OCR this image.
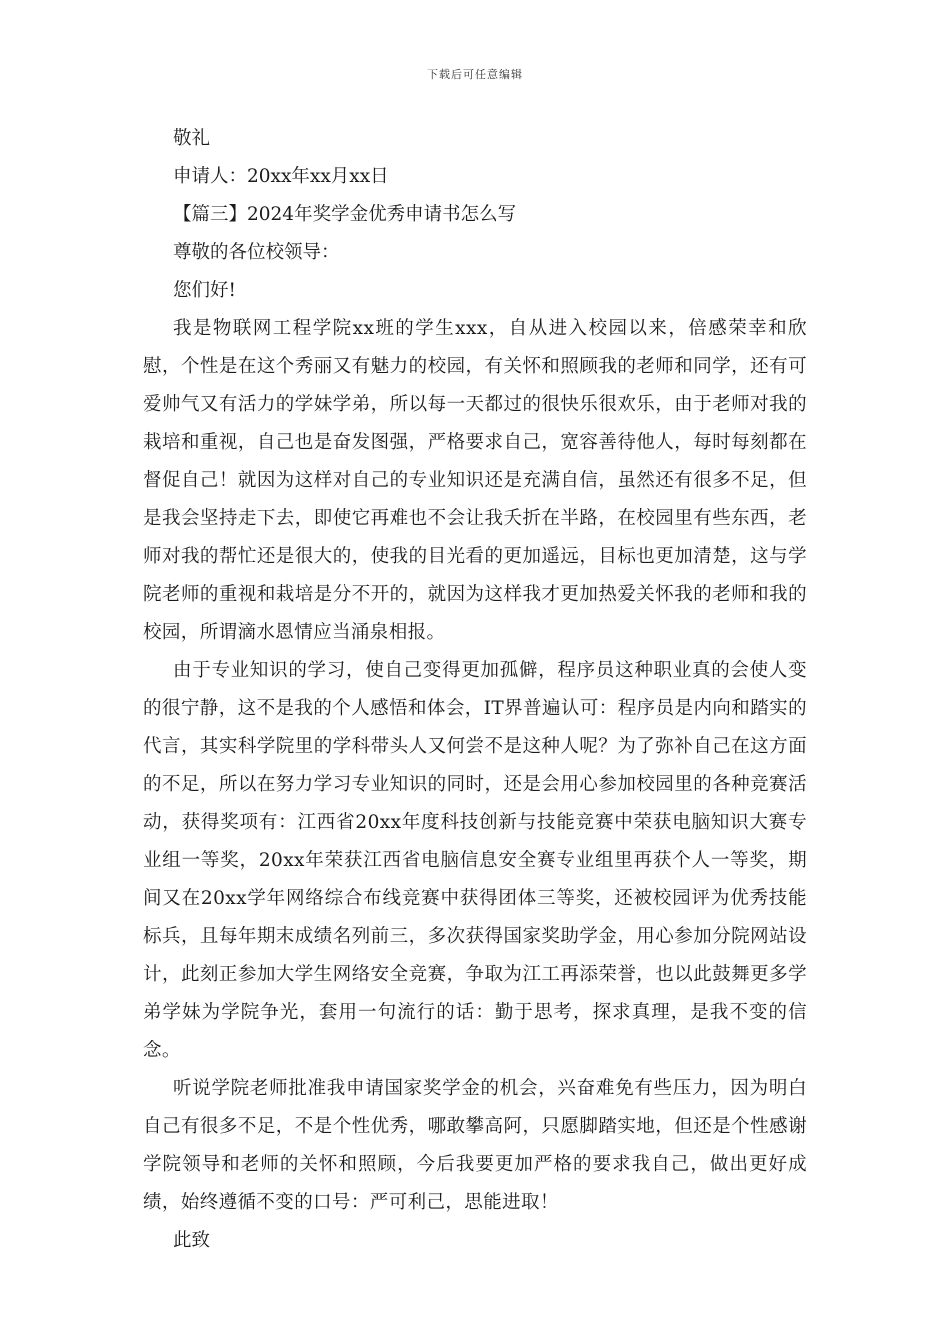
下载后可任意编辑
敬礼
申请人：20xx年xx月xx日
【篇三】2024年奖学金优秀申请书怎么写
尊敬的各位校领导：
您们好!

我是物联网工程学院xx班的学生xxx，自从进入校园以来，倍感荣幸和欣慰，个性是在这个秀丽又有魅力的校园，有关怀和照顾我的老师和同学，还有可爱帅气又有活力的学妹学弟，所以每一天都过的很快乐很欢乐，由于老师对我的栽培和重视，自己也是奋发图强，严格要求自己，宽容善待他人，每时每刻都在督促自己！就因为这样对自己的专业知识还是充满自信，虽然还有很多不足，但是我会坚持走下去，即使它再难也不会让我夭折在半路，在校园里有些东西，老师对我的帮忙还是很大的，使我的目光看的更加遥远，目标也更加清楚，这与学院老师的重视和栽培是分不开的，就因为这样我才更加热爱关怀我的老师和我的校园，所谓滴水恩情应当涌泉相报。

由于专业知识的学习，使自己变得更加孤僻，程序员这种职业真的会使人变的很宁静，这不是我的个人感悟和体会，IT界普遍认可：程序员是内向和踏实的代言，其实科学院里的学科带头人又何尝不是这种人呢？为了弥补自己在这方面的不足，所以在努力学习专业知识的同时，还是会用心参加校园里的各种竞赛活动，获得奖项有：江西省20xx年度科技创新与技能竞赛中荣获电脑知识大赛专业组一等奖，20xx年荣获江西省电脑信息安全赛专业组里再获个人一等奖，期间又在20xx学年网络综合布线竞赛中获得团体三等奖，还被校园评为优秀技能标兵，且每年期末成绩名列前三，多次获得国家奖助学金，用心参加分院网站设计，此刻正参加大学生网络安全竞赛，争取为江工再添荣誉，也以此鼓舞更多学弟学妹为学院争光，套用一句流行的话：勤于思考，探求真理，是我不变的信念。

听说学院老师批准我申请国家奖学金的机会，兴奋难免有些压力，因为明白自己有很多不足，不是个性优秀，哪敢攀高阿，只愿脚踏实地，但还是个性感谢学院领导和老师的关怀和照顾，今后我要更加严格的要求我自己，做出更好成绩，始终遵循不变的口号：严可利己，思能进取！

此致
